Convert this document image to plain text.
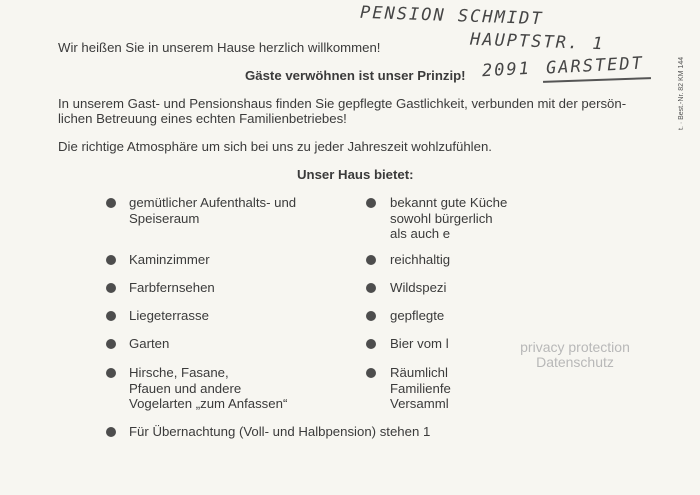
PENSION SCHMIDT
HAUPTSTR. 1
2091 GARSTEDT
Wir heißen Sie in unserem Hause herzlich willkommen!
Gäste verwöhnen ist unser Prinzip!
In unserem Gast- und Pensionshaus finden Sie gepflegte Gastlichkeit, verbunden mit der persön-
lichen Betreuung eines echten Familienbetriebes!
Die richtige Atmosphäre um sich bei uns zu jeder Jahreszeit wohlzufühlen.
Unser Haus bietet:
gemütlicher Aufenthalts- und
Speiseraum
Kaminzimmer
Farbfernsehen
Liegeterrasse
Garten
Hirsche, Fasane,
Pfauen und andere
Vogelarten „zum Anfassen“
bekannt gute Küche
sowohl bürgerlich
als auch e
reichhaltig
Wildspezi
gepflegte
Bier vom l
Räumlichl
Familienfe
Versamml
Für Übernachtung (Voll- und Halbpension) stehen 1
privacy protection
Datenschutz
t. · Best.-Nr. 82 KM 144
